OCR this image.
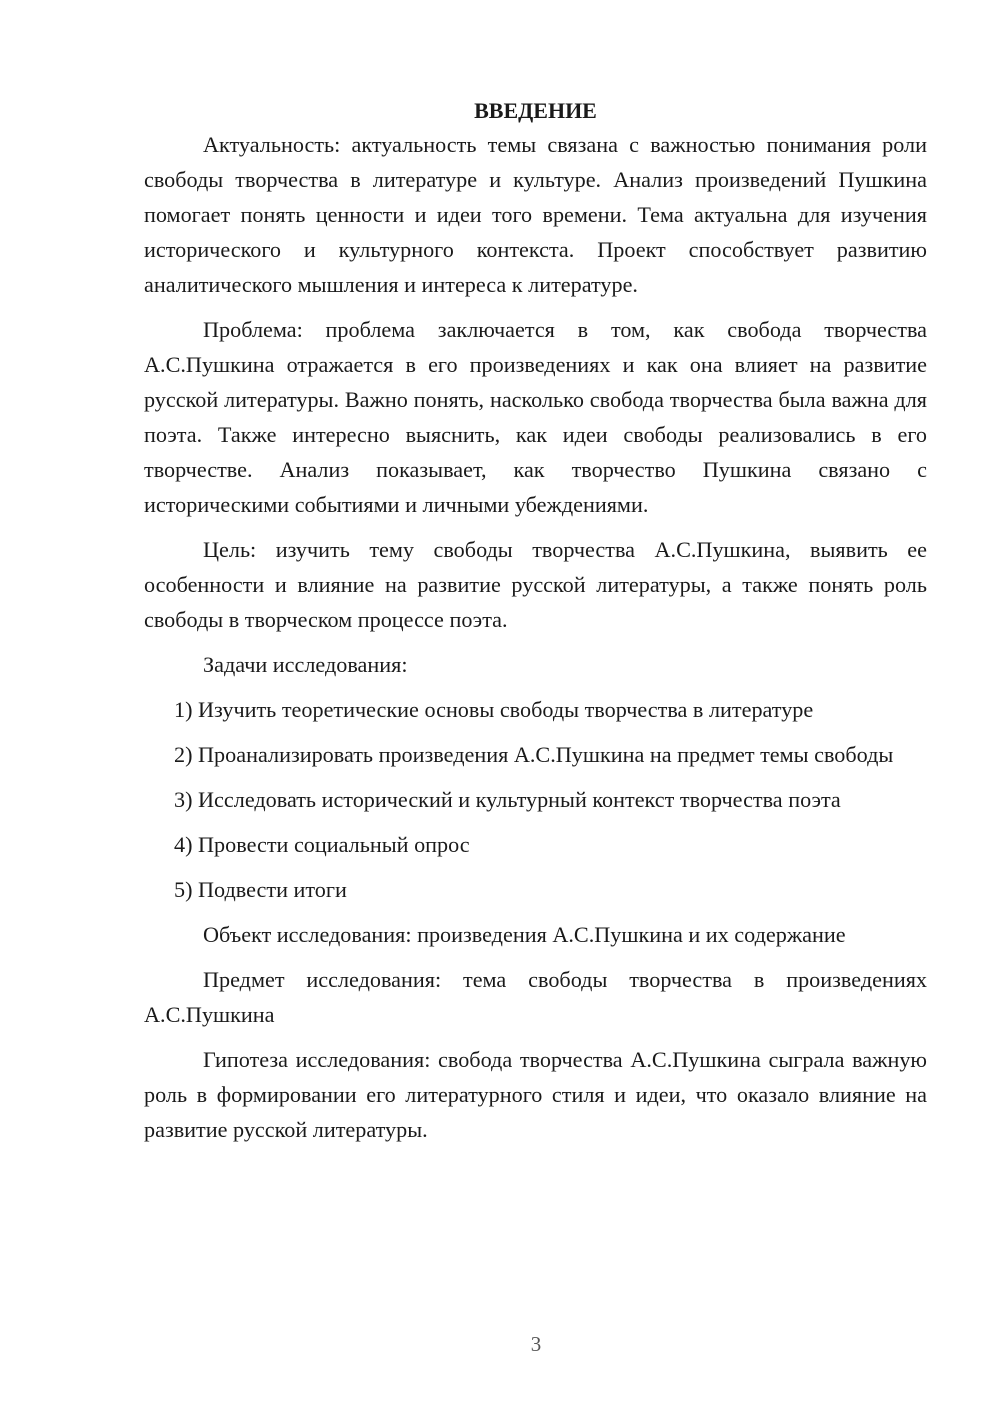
ВВЕДЕНИЕ

Актуальность: актуальность темы связана с важностью понимания роли свободы творчества в литературе и культуре. Анализ произведений Пушкина помогает понять ценности и идеи того времени. Тема актуальна для изучения исторического и культурного контекста. Проект способствует развитию аналитического мышления и интереса к литературе.

Проблема: проблема заключается в том, как свобода творчества А.С.Пушкина отражается в его произведениях и как она влияет на развитие русской литературы. Важно понять, насколько свобода творчества была важна для поэта. Также интересно выяснить, как идеи свободы реализовались в его творчестве. Анализ показывает, как творчество Пушкина связано с историческими событиями и личными убеждениями.

Цель: изучить тему свободы творчества А.С.Пушкина, выявить ее особенности и влияние на развитие русской литературы, а также понять роль свободы в творческом процессе поэта.

Задачи исследования:

1) Изучить теоретические основы свободы творчества в литературе

2) Проанализировать произведения А.С.Пушкина на предмет темы свободы

3) Исследовать исторический и культурный контекст творчества поэта

4) Провести социальный опрос

5) Подвести итоги

Объект исследования: произведения А.С.Пушкина и их содержание

Предмет исследования: тема свободы творчества в произведениях А.С.Пушкина

Гипотеза исследования: свобода творчества А.С.Пушкина сыграла важную роль в формировании его литературного стиля и идеи, что оказало влияние на развитие русской литературы.

3
